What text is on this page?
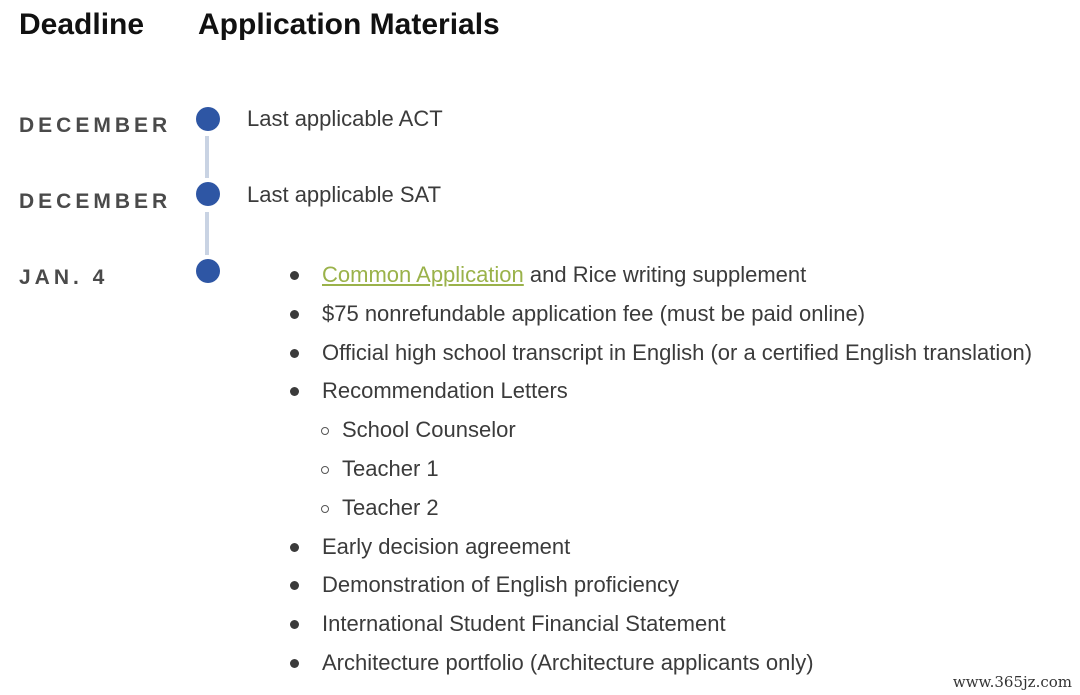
Deadline Application Materials
DECEMBER	Last applicable ACT
DECEMBER	Last applicable SAT
JAN. 4	Common Application and Rice writing supplement
$75 nonrefundable application fee (must be paid online)
Official high school transcript in English (or a certified English translation)
Recommendation Letters
School Counselor
Teacher 1
Teacher 2
Early decision agreement
Demonstration of English proficiency
International Student Financial Statement
Architecture portfolio (Architecture applicants only)
www.365jz.com
